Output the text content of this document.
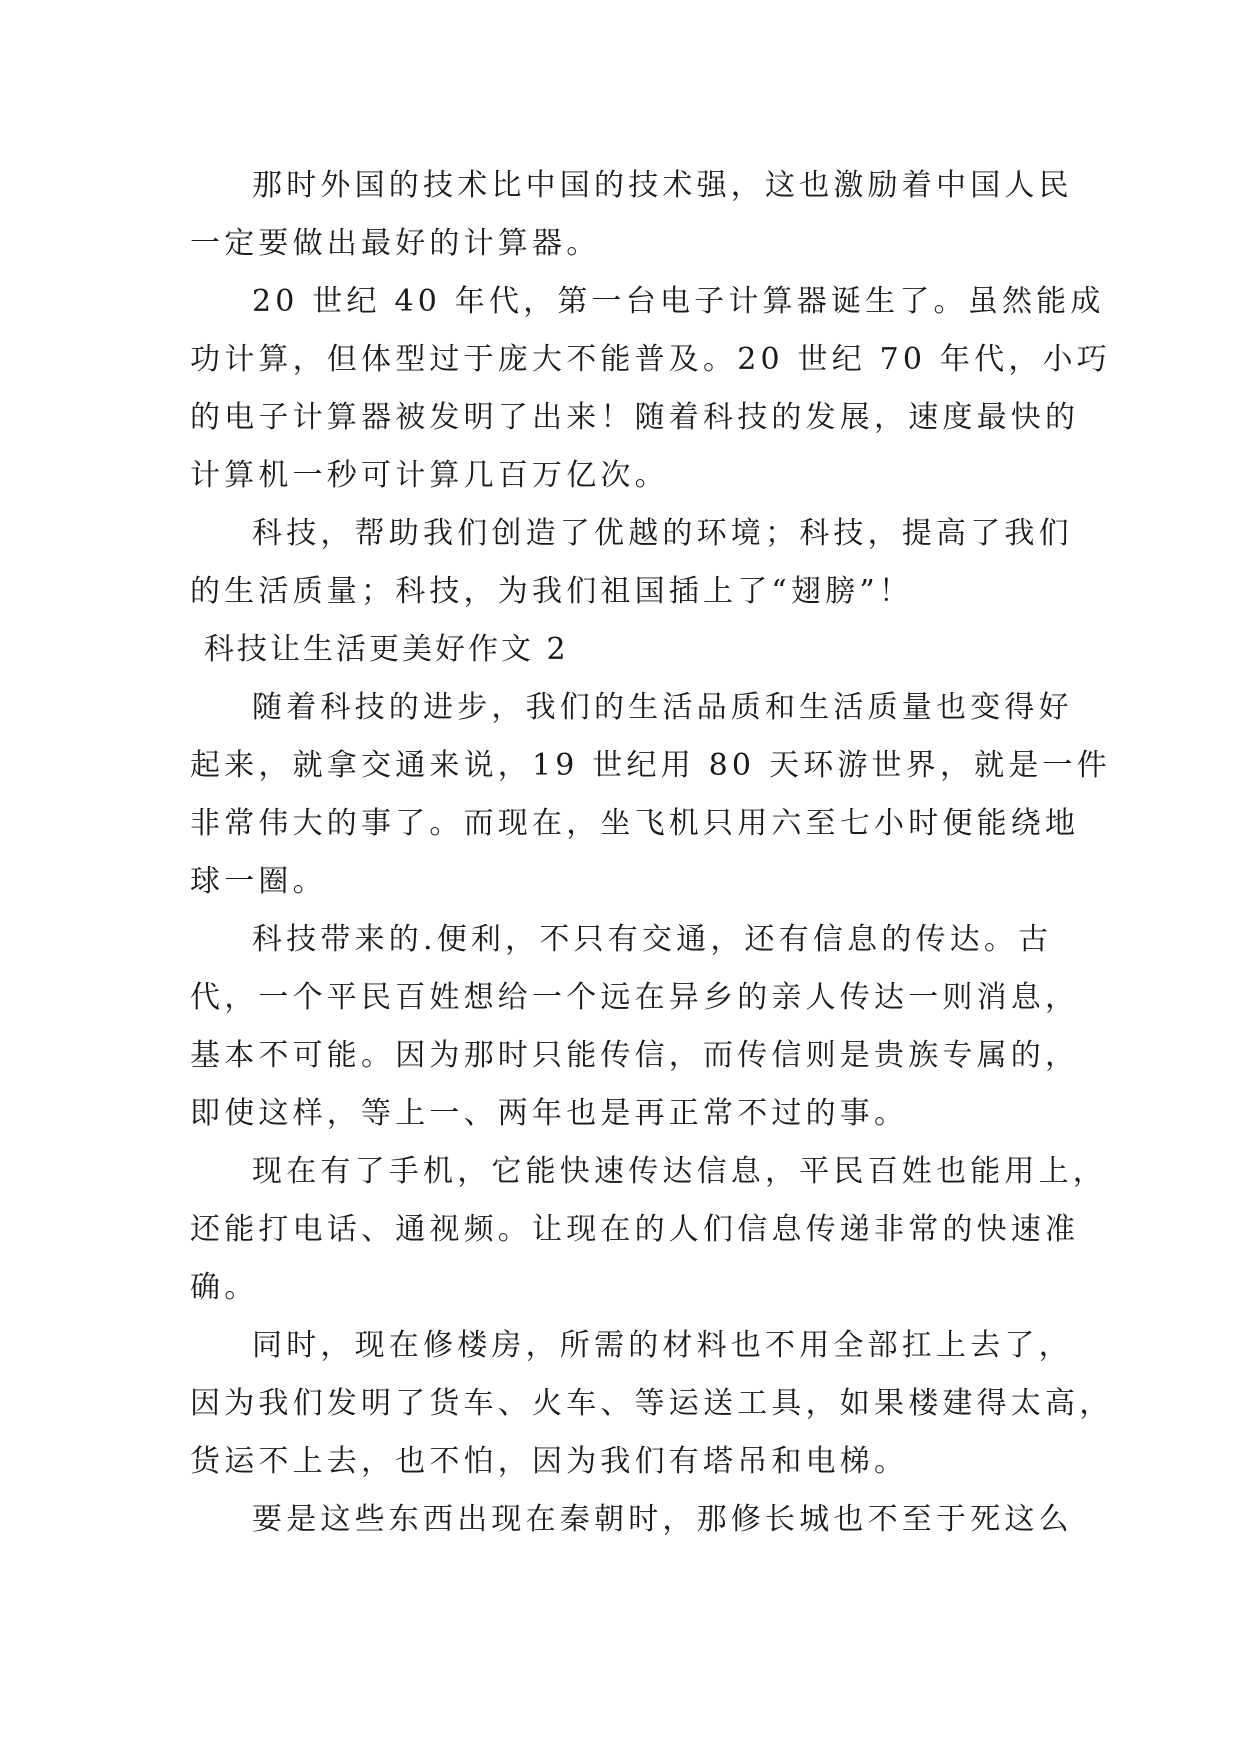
那时外国的技术比中国的技术强，这也激励着中国人民
一定要做出最好的计算器。
20 世纪 40 年代，第一台电子计算器诞生了。虽然能成
功计算，但体型过于庞大不能普及。20 世纪 70 年代，小巧
的电子计算器被发明了出来！随着科技的发展，速度最快的
计算机一秒可计算几百万亿次。
科技，帮助我们创造了优越的环境；科技，提高了我们
的生活质量；科技，为我们祖国插上了“翅膀”！
科技让生活更美好作文 2
随着科技的进步，我们的生活品质和生活质量也变得好
起来，就拿交通来说，19 世纪用 80 天环游世界，就是一件
非常伟大的事了。而现在，坐飞机只用六至七小时便能绕地
球一圈。
科技带来的.便利，不只有交通，还有信息的传达。古
代，一个平民百姓想给一个远在异乡的亲人传达一则消息，
基本不可能。因为那时只能传信，而传信则是贵族专属的，
即使这样，等上一、两年也是再正常不过的事。
现在有了手机，它能快速传达信息，平民百姓也能用上，
还能打电话、通视频。让现在的人们信息传递非常的快速准
确。
同时，现在修楼房，所需的材料也不用全部扛上去了，
因为我们发明了货车、火车、等运送工具，如果楼建得太高，
货运不上去，也不怕，因为我们有塔吊和电梯。
要是这些东西出现在秦朝时，那修长城也不至于死这么
